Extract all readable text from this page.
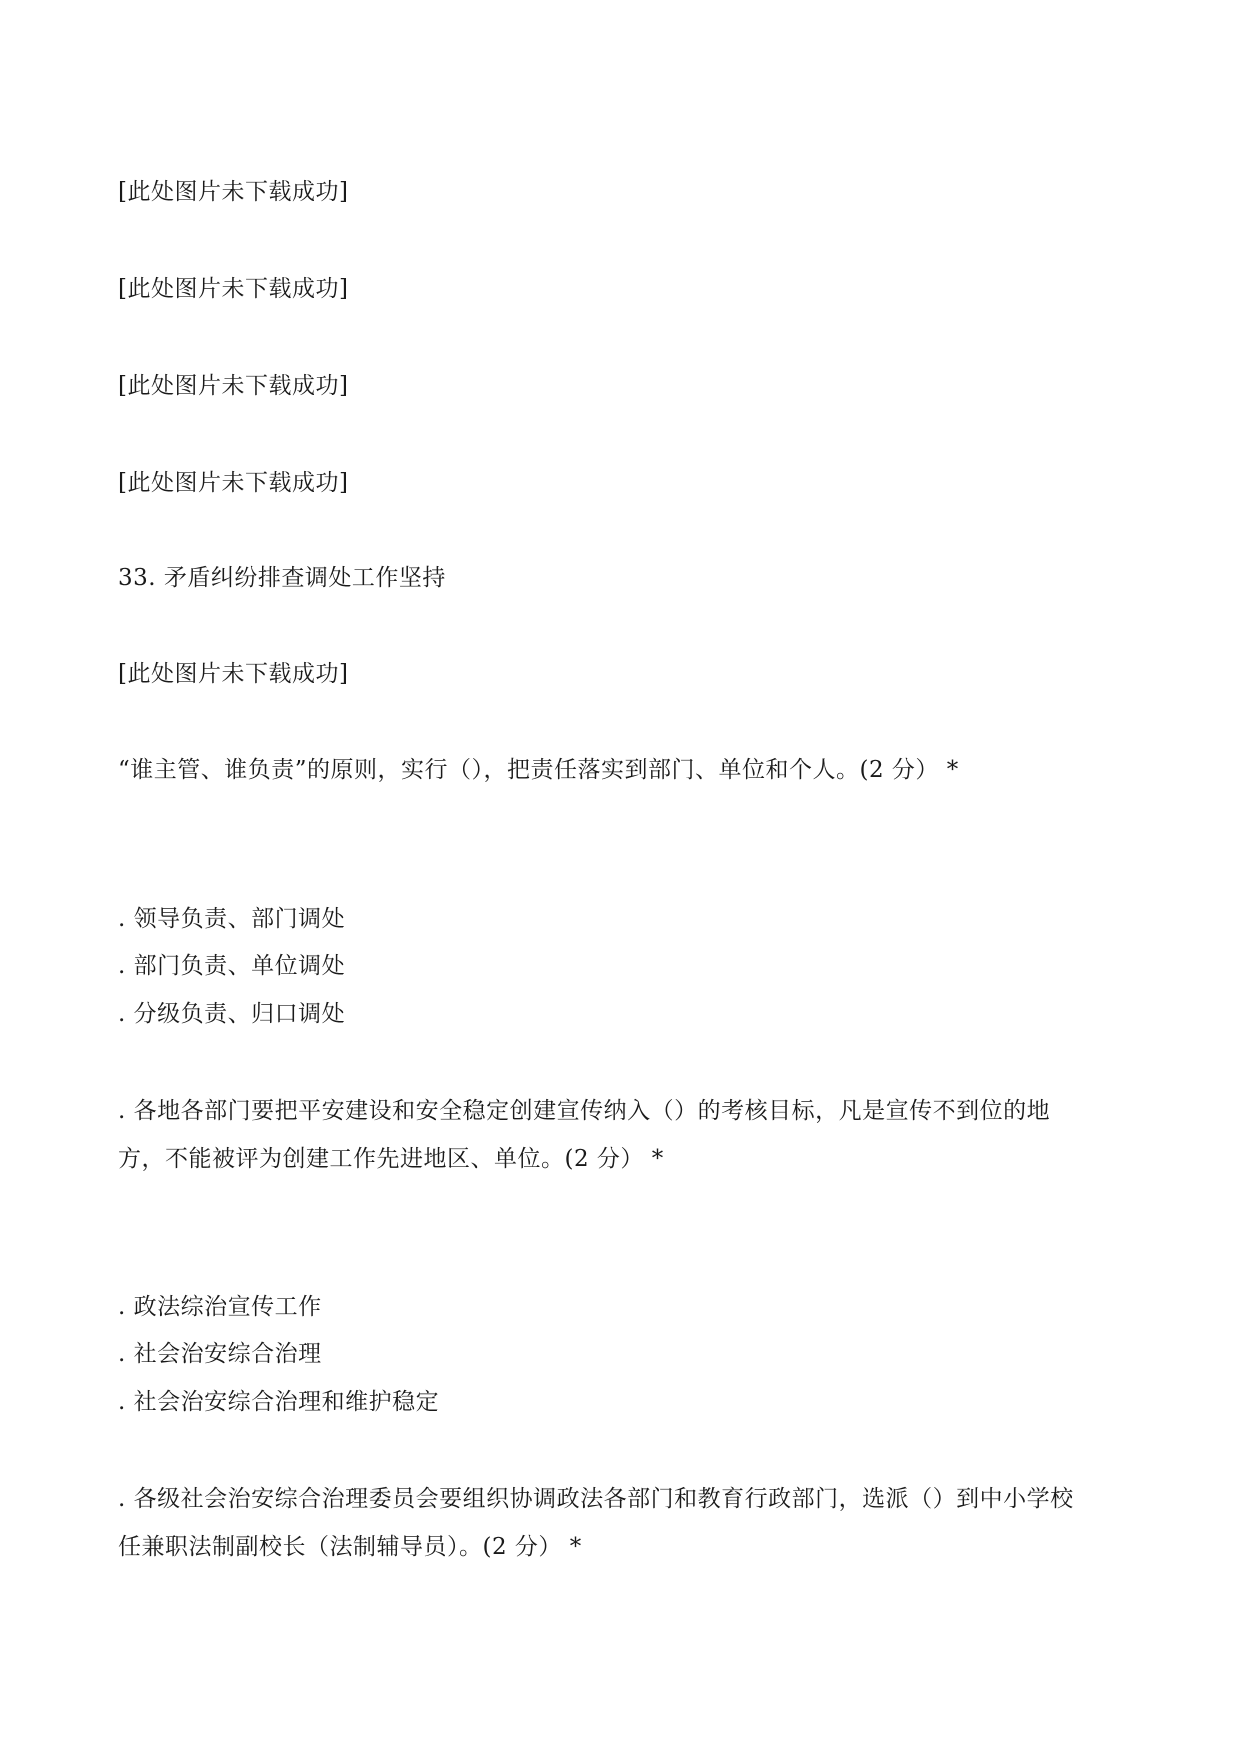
[此处图片未下载成功]
[此处图片未下载成功]
[此处图片未下载成功]
[此处图片未下载成功]
33. 矛盾纠纷排查调处工作坚持
[此处图片未下载成功]
“谁主管、谁负责”的原则，实行（），把责任落实到部门、单位和个人。(2 分） *
. 领导负责、部门调处
. 部门负责、单位调处
. 分级负责、归口调处
. 各地各部门要把平安建设和安全稳定创建宣传纳入（）的考核目标，凡是宣传不到位的地
方，不能被评为创建工作先进地区、单位。(2 分） *
. 政法综治宣传工作
. 社会治安综合治理
. 社会治安综合治理和维护稳定
. 各级社会治安综合治理委员会要组织协调政法各部门和教育行政部门，选派（）到中小学校
任兼职法制副校长（法制辅导员）。(2 分） *
